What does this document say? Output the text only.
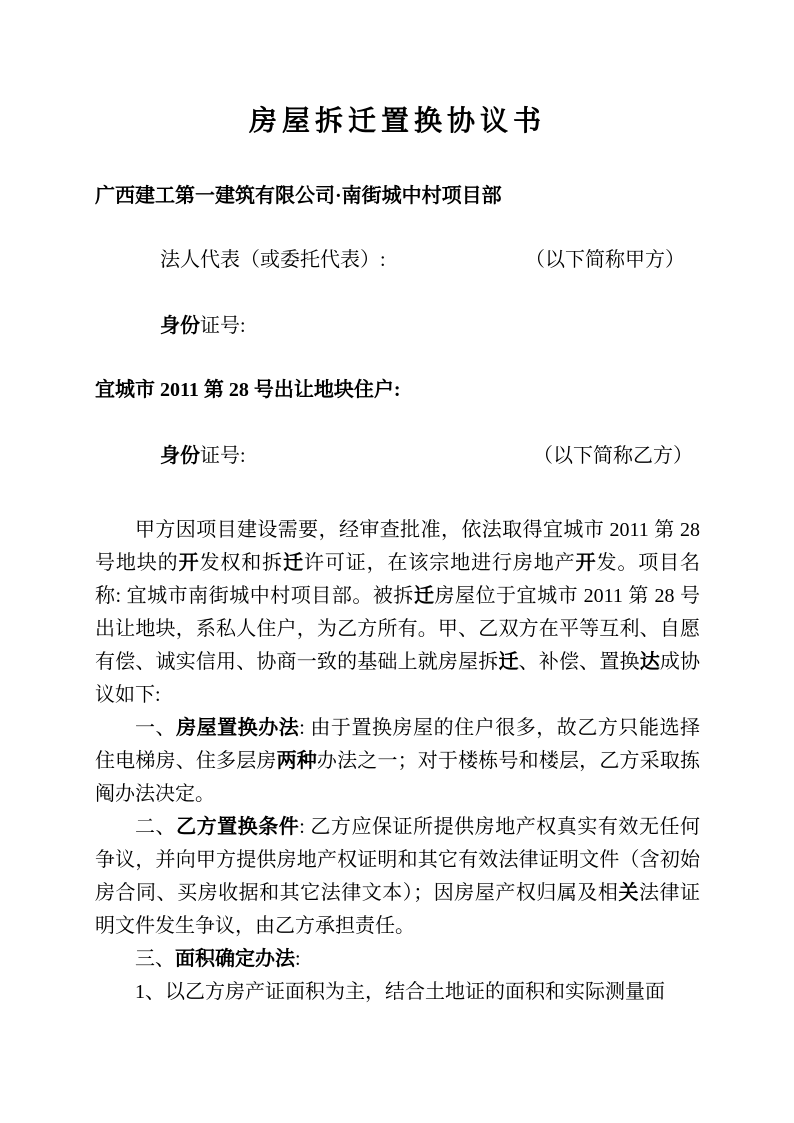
房屋拆迁置换协议书
广西建工第一建筑有限公司·南街城中村项目部
法人代表（或委托代表）:	（以下简称甲方）
身份证号:
宜城市 2011 第 28 号出让地块住户:
身份证号:	（以下简称乙方）

甲方因项目建设需要，经审查批准，依法取得宜城市 2011 第 28 号地块的开发权和拆迁许可证，在该宗地进行房地产开发。项目名称: 宜城市南街城中村项目部。被拆迁房屋位于宜城市 2011 第 28 号出让地块，系私人住户，为乙方所有。甲、乙双方在平等互利、自愿有偿、诚实信用、协商一致的基础上就房屋拆迁、补偿、置换达成协议如下:

一、房屋置换办法: 由于置换房屋的住户很多，故乙方只能选择住电梯房、住多层房两种办法之一；对于楼栋号和楼层，乙方采取拣阄办法决定。

二、乙方置换条件: 乙方应保证所提供房地产权真实有效无任何争议，并向甲方提供房地产权证明和其它有效法律证明文件（含初始房合同、买房收据和其它法律文本）；因房屋产权归属及相关法律证明文件发生争议，由乙方承担责任。

三、面积确定办法:

1、以乙方房产证面积为主，结合土地证的面积和实际测量面
